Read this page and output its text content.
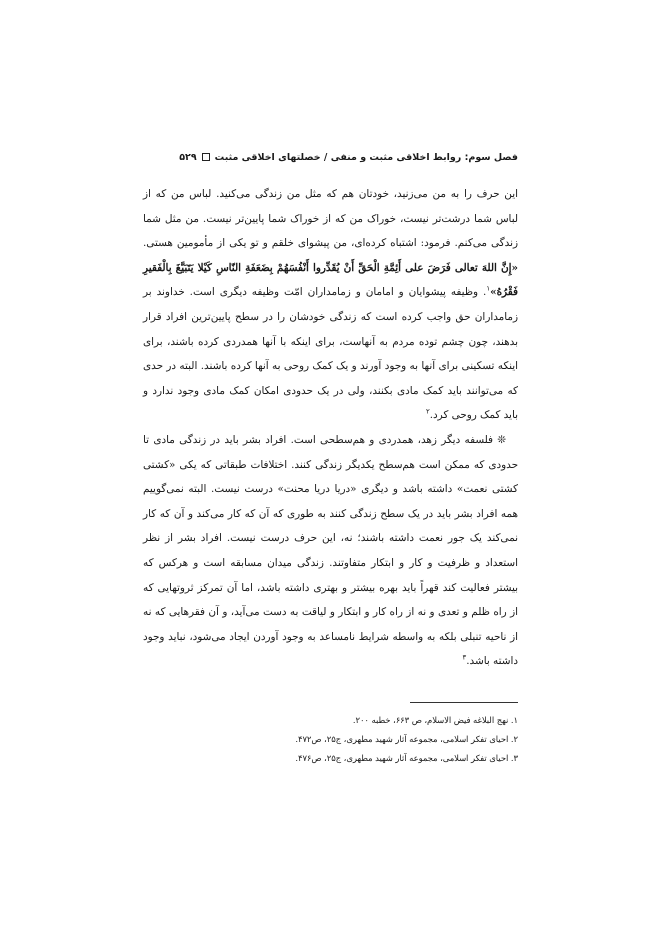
فصل سوم: روابط اخلاقی مثبت و منفی / خصلتهای اخلاقی مثبت
۵۲۹

این حرف را به من می‌زنید، خودتان هم که مثل من زندگی می‌کنید. لباس من که از لباس شما درشت‌تر نیست، خوراک من که از خوراک شما پایین‌تر نیست. من مثل شما زندگی می‌کنم. فرمود: اشتباه کرده‌ای، من پیشوای خلقم و تو یکی از مأمومین هستی. «إِنَّ اللهَ تعالی فَرَضَ علی أَئِمَّةِ الْحَقِّ أَنْ یُقَدِّروا أَنْفُسَهُمْ بِضَعَفَةِ النّاسِ کَیْلا یَتَبَیَّغَ بِالْفَقیرِ فَقْرُهُ»$^۱$. وظیفه پیشوایان و امامان و زمامداران امّت وظیفه دیگری است. خداوند بر زمامداران حق واجب کرده است که زندگی خودشان را در سطح پایین‌ترین افراد قرار بدهند، چون چشم توده مردم به آنهاست، برای اینکه با آنها همدردی کرده باشند، برای اینکه تسکینی برای آنها به وجود آورند و یک کمک روحی به آنها کرده باشند. البته در حدی که می‌توانند باید کمک مادی بکنند، ولی در یک حدودی امکان کمک مادی وجود ندارد و باید کمک روحی کرد.$^۲$

❊ فلسفه دیگر زهد، همدردی و هم‌سطحی است. افراد بشر باید در زندگی مادی تا حدودی که ممکن است هم‌سطح یکدیگر زندگی کنند. اختلافات طبقاتی که یکی «کشتی کشتی نعمت» داشته باشد و دیگری «دریا دریا محنت» درست نیست. البته نمی‌گوییم همه افراد بشر باید در یک سطح زندگی کنند به طوری که آن که کار می‌کند و آن که کار نمی‌کند یک جور نعمت داشته باشند؛ نه، این حرف درست نیست. افراد بشر از نظر استعداد و ظرفیت و کار و ابتکار متفاوتند. زندگی میدان مسابقه است و هرکس که بیشتر فعالیت کند قهراً باید بهره بیشتر و بهتری داشته باشد، اما آن تمرکز ثروتهایی که از راه ظلم و تعدی و نه از راه کار و ابتکار و لیاقت به دست می‌آید، و آن فقرهایی که نه از ناحیه تنبلی بلکه به واسطه شرایط نامساعد به وجود آوردن ایجاد می‌شود، نباید وجود داشته باشد.$^۳$

۱. نهج البلاغه فیض الاسلام، ص ۶۶۳، خطبه ۲۰۰.
۲. احیای تفکر اسلامی، مجموعه آثار شهید مطهری، ج۲۵، ص۴۷۲.
۳. احیای تفکر اسلامی، مجموعه آثار شهید مطهری، ج۲۵، ص۴۷۶.
